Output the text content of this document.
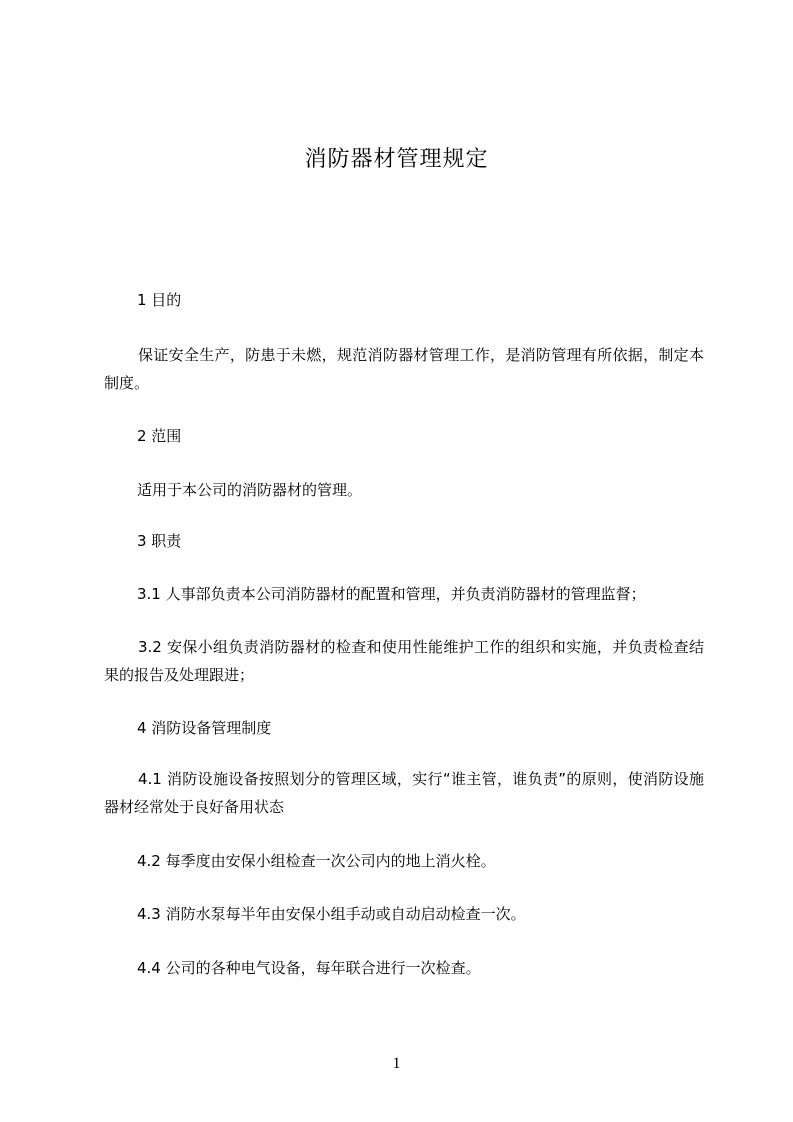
消防器材管理规定
1 目的
保证安全生产，防患于未燃，规范消防器材管理工作，是消防管理有所依据，制定本制度。
2 范围
适用于本公司的消防器材的管理。
3 职责
3.1 人事部负责本公司消防器材的配置和管理，并负责消防器材的管理监督；
3.2 安保小组负责消防器材的检查和使用性能维护工作的组织和实施，并负责检查结果的报告及处理跟进；
4 消防设备管理制度
4.1 消防设施设备按照划分的管理区域，实行“谁主管，谁负责”的原则，使消防设施器材经常处于良好备用状态
4.2 每季度由安保小组检查一次公司内的地上消火栓。
4.3 消防水泵每半年由安保小组手动或自动启动检查一次。
4.4 公司的各种电气设备，每年联合进行一次检查。
1
